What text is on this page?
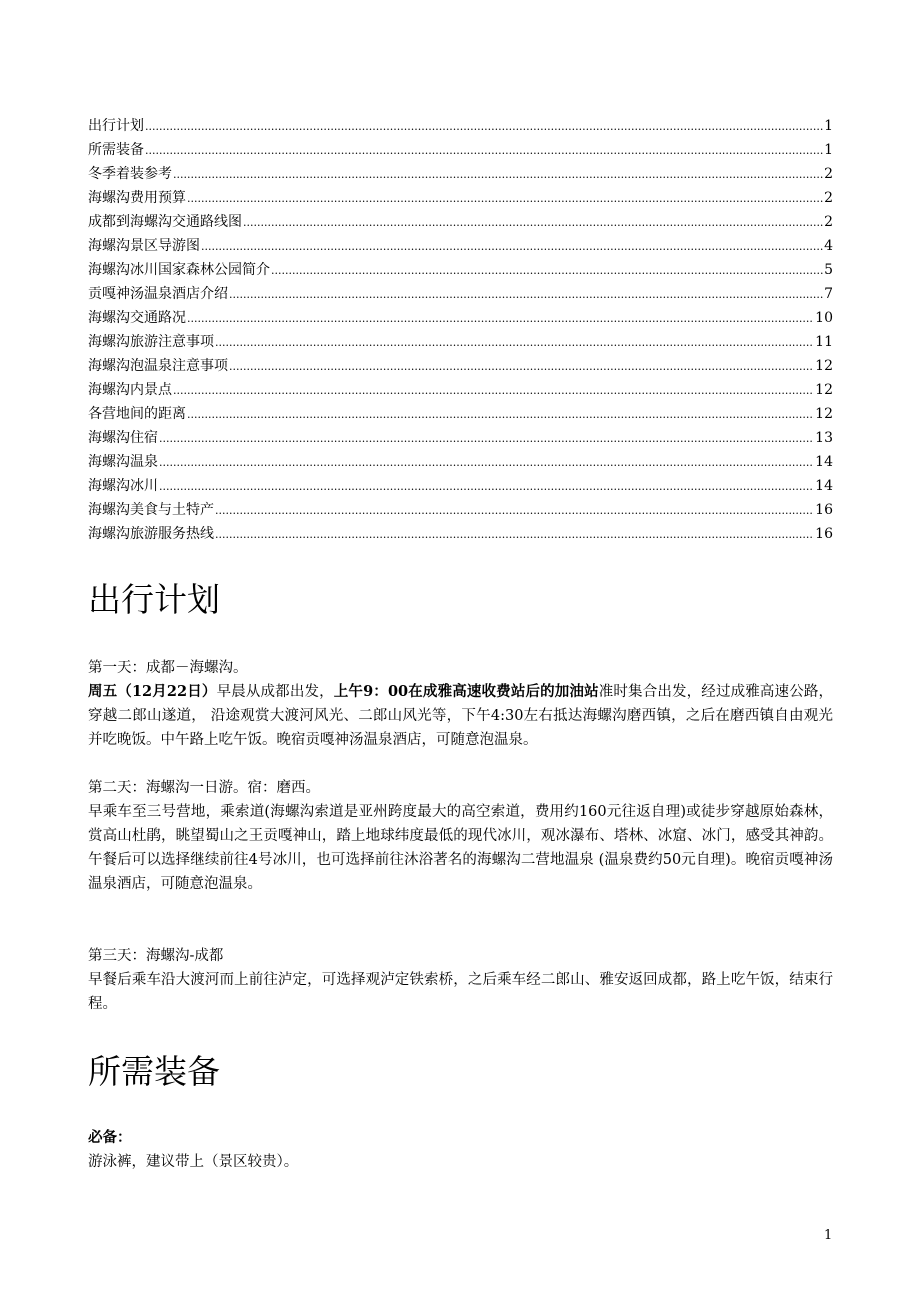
出行计划 .....	1
所需装备 .....	1
冬季着装参考 .....	2
海螺沟费用预算 .....	2
成都到海螺沟交通路线图 .....	2
海螺沟景区导游图 .....	4
海螺沟冰川国家森林公园简介 .....	5
贡嘎神汤温泉酒店介绍 .....	7
海螺沟交通路况 .....	10
海螺沟旅游注意事项 .....	11
海螺沟泡温泉注意事项 .....	12
海螺沟内景点 .....	12
各营地间的距离 .....	12
海螺沟住宿 .....	13
海螺沟温泉 .....	14
海螺沟冰川 .....	14
海螺沟美食与土特产 .....	16
海螺沟旅游服务热线 .....	16
出行计划

第一天：成都－海螺沟。

周五（12月22日）早晨从成都出发，上午9：00在成雅高速收费站后的加油站准时集合出发，经过成雅高速公路，穿越二郎山遂道， 沿途观赏大渡河风光、二郎山风光等，下午4:30左右抵达海螺沟磨西镇，之后在磨西镇自由观光并吃晚饭。中午路上吃午饭。晚宿贡嘎神汤温泉酒店，可随意泡温泉。

第二天：海螺沟一日游。宿：磨西。

早乘车至三号营地，乘索道(海螺沟索道是亚州跨度最大的高空索道，费用约160元往返自理)或徒步穿越原始森林，赏高山杜鹃，眺望蜀山之王贡嘎神山，踏上地球纬度最低的现代冰川，观冰瀑布、塔林、冰窟、冰门，感受其神韵。午餐后可以选择继续前往4号冰川，也可选择前往沐浴著名的海螺沟二营地温泉 (温泉费约50元自理)。晚宿贡嘎神汤温泉酒店，可随意泡温泉。

第三天：海螺沟-成都

早餐后乘车沿大渡河而上前往泸定，可选择观泸定铁索桥，之后乘车经二郎山、雅安返回成都，路上吃午饭，结束行程。

所需装备

必备：

游泳裤，建议带上（景区较贵）。

1
